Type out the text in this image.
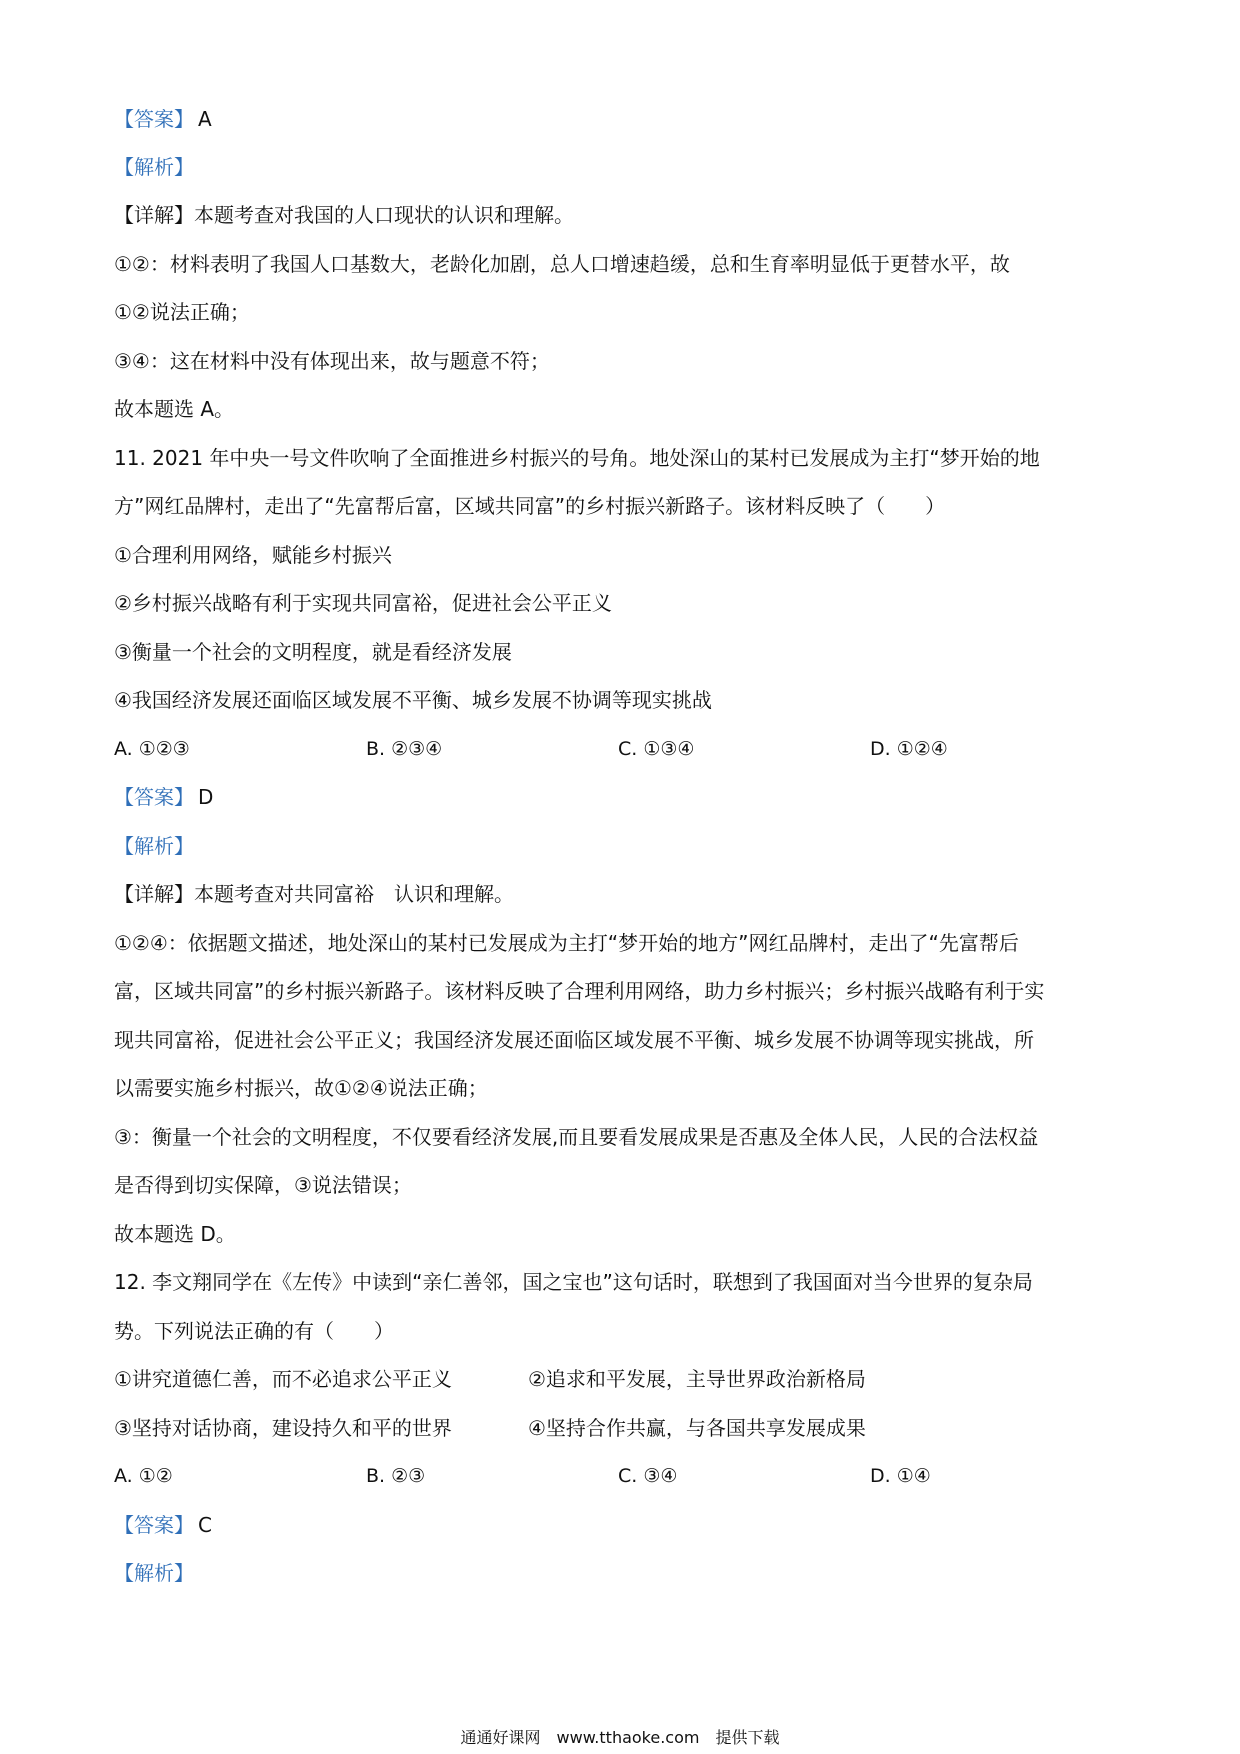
【答案】 A
【解析】
【详解】本题考查对我国的人口现状的认识和理解。
①②：材料表明了我国人口基数大，老龄化加剧，总人口增速趋缓，总和生育率明显低于更替水平，故
①②说法正确；
③④：这在材料中没有体现出来，故与题意不符；
故本题选 A。
11. 2021 年中央一号文件吹响了全面推进乡村振兴的号角。地处深山的某村已发展成为主打“梦开始的地
方”网红品牌村，走出了“先富帮后富，区域共同富”的乡村振兴新路子。该材料反映了（　　）
①合理利用网络，赋能乡村振兴
②乡村振兴战略有利于实现共同富裕，促进社会公平正义
③衡量一个社会的文明程度，就是看经济发展
④我国经济发展还面临区域发展不平衡、城乡发展不协调等现实挑战
A. ①②③	B. ②③④	C. ①③④	D. ①②④
【答案】 D
【解析】
【详解】本题考查对共同富裕　认识和理解。
①②④：依据题文描述，地处深山的某村已发展成为主打“梦开始的地方”网红品牌村，走出了“先富帮后
富，区域共同富”的乡村振兴新路子。该材料反映了合理利用网络，助力乡村振兴；乡村振兴战略有利于实
现共同富裕，促进社会公平正义；我国经济发展还面临区域发展不平衡、城乡发展不协调等现实挑战，所
以需要实施乡村振兴，故①②④说法正确；
③：衡量一个社会的文明程度，不仅要看经济发展,而且要看发展成果是否惠及全体人民，人民的合法权益
是否得到切实保障，③说法错误；
故本题选 D。
12. 李文翔同学在《左传》中读到“亲仁善邻，国之宝也”这句话时，联想到了我国面对当今世界的复杂局
势。下列说法正确的有（　　）
①讲究道德仁善，而不必追求公平正义	②追求和平发展，主导世界政治新格局
③坚持对话协商，建设持久和平的世界	④坚持合作共赢，与各国共享发展成果
A. ①②	B. ②③	C. ③④	D. ①④
【答案】 C
【解析】
通通好课网　www.tthaoke.com　提供下载
